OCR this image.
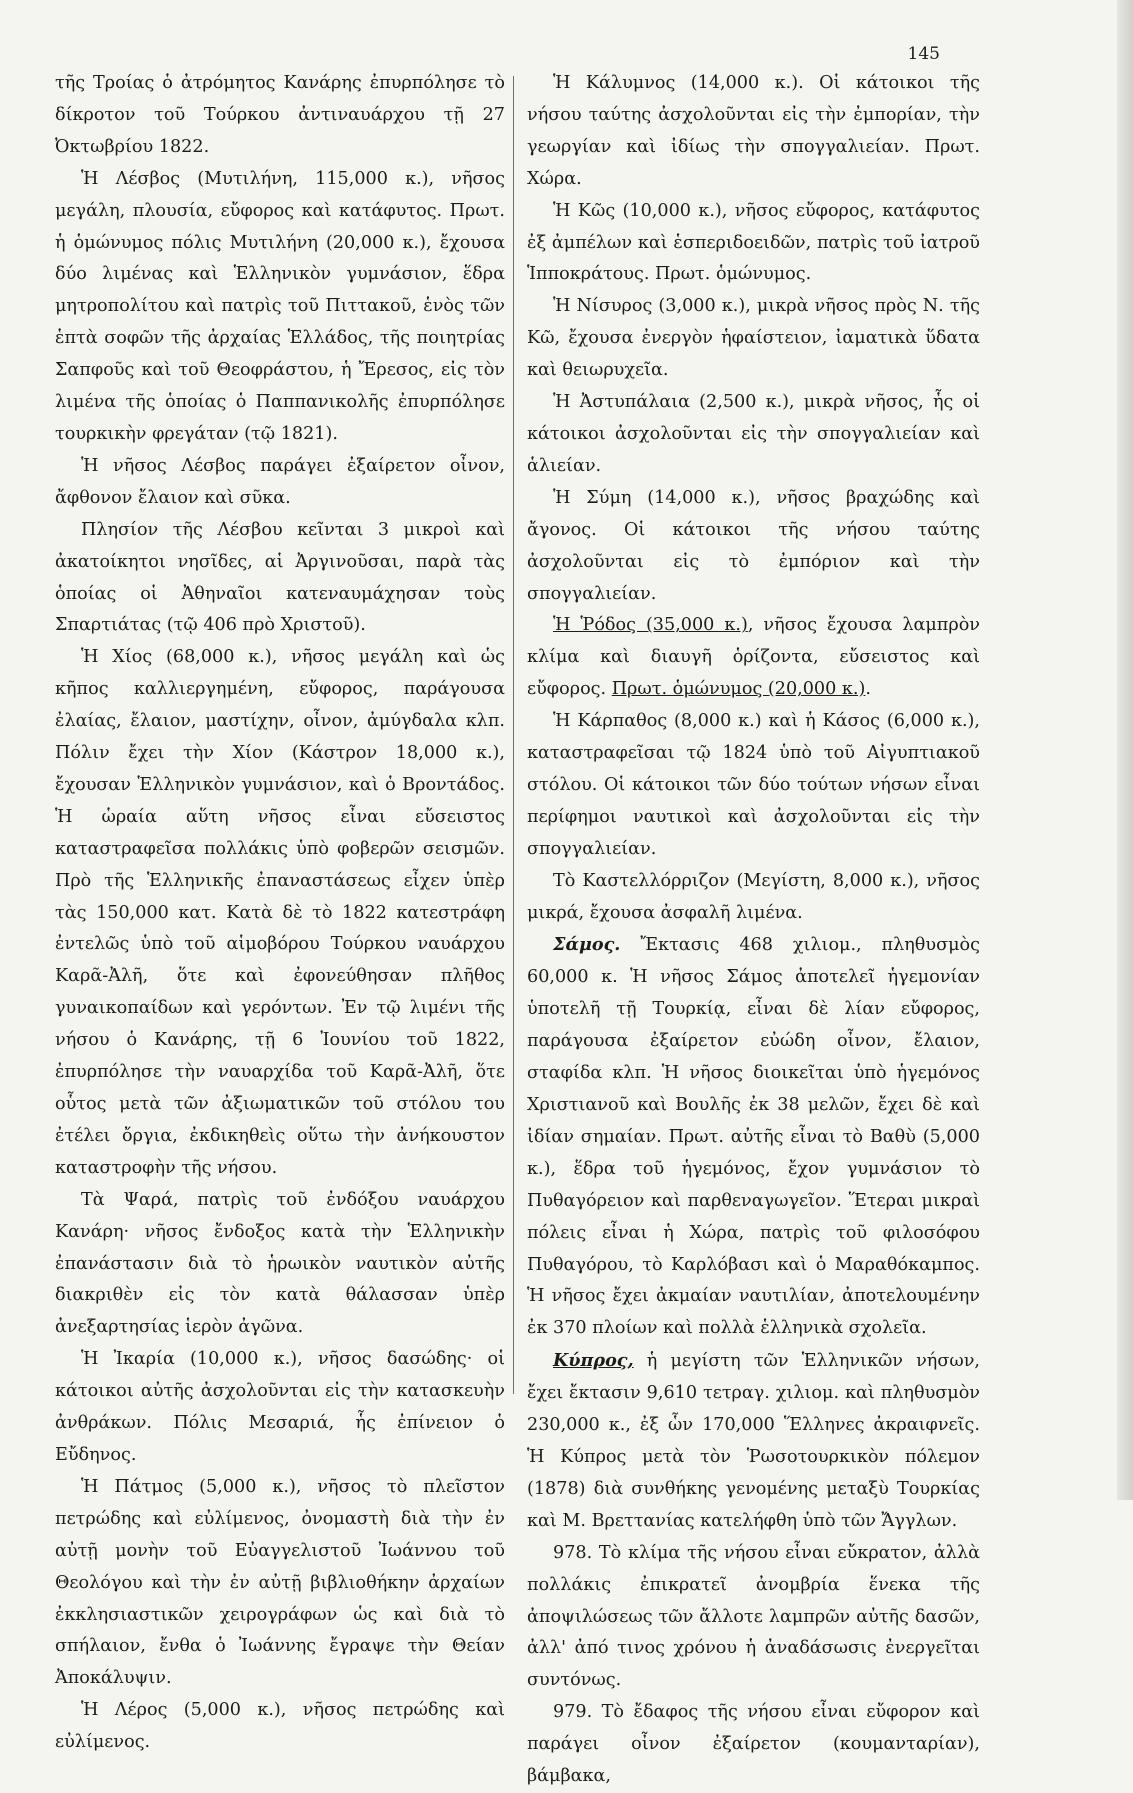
145

τῆς Τροίας ὁ ἀτρόμητος Κανάρης ἐπυρπόλησε τὸ δίκροτον τοῦ Τούρκου ἀντιναυάρχου τῇ 27 Ὀκτωβρίου 1822.

Ἡ Λέσβος (Μυτιλήνη, 115,000 κ.), νῆσος μεγάλη, πλουσία, εὔφορος καὶ κατάφυτος. Πρωτ. ἡ ὁμώνυμος πόλις Μυτιλήνη (20,000 κ.), ἔχουσα δύο λιμένας καὶ Ἑλληνικὸν γυμνάσιον, ἕδρα μητροπολίτου καὶ πατρὶς τοῦ Πιττακοῦ, ἑνὸς τῶν ἑπτὰ σοφῶν τῆς ἀρχαίας Ἑλλάδος, τῆς ποιητρίας Σαπφοῦς καὶ τοῦ Θεοφράστου, ἡ Ἔρεσος, εἰς τὸν λιμένα τῆς ὁποίας ὁ Παππανικολῆς ἐπυρπόλησε τουρκικὴν φρεγάταν (τῷ 1821).

Ἡ νῆσος Λέσβος παράγει ἐξαίρετον οἶνον, ἄφθονον ἔλαιον καὶ σῦκα.

Πλησίον τῆς Λέσβου κεῖνται 3 μικροὶ καὶ ἀκατοίκητοι νησῖδες, αἱ Ἀργινοῦσαι, παρὰ τὰς ὁποίας οἱ Ἀθηναῖοι κατεναυμάχησαν τοὺς Σπαρτιάτας (τῷ 406 πρὸ Χριστοῦ).

Ἡ Χίος (68,000 κ.), νῆσος μεγάλη καὶ ὡς κῆπος καλλιεργημένη, εὔφορος, παράγουσα ἐλαίας, ἔλαιον, μαστίχην, οἶνον, ἀμύγδαλα κλπ. Πόλιν ἔχει τὴν Χίον (Κάστρον 18,000 κ.), ἔχουσαν Ἑλληνικὸν γυμνάσιον, καὶ ὁ Βροντάδος. Ἡ ὡραία αὕτη νῆσος εἶναι εὔσειστος καταστραφεῖσα πολλάκις ὑπὸ φοβερῶν σεισμῶν. Πρὸ τῆς Ἑλληνικῆς ἐπαναστάσεως εἶχεν ὑπὲρ τὰς 150,000 κατ. Κατὰ δὲ τὸ 1822 κατεστράφη ἐντελῶς ὑπὸ τοῦ αἱμοβόρου Τούρκου ναυάρχου Καρᾶ-Ἀλῆ, ὅτε καὶ ἐφονεύθησαν πλῆθος γυναικοπαίδων καὶ γερόντων. Ἐν τῷ λιμένι τῆς νήσου ὁ Κανάρης, τῇ 6 Ἰουνίου τοῦ 1822, ἐπυρπόλησε τὴν ναυαρχίδα τοῦ Καρᾶ-Ἀλῆ, ὅτε οὗτος μετὰ τῶν ἀξιωματικῶν τοῦ στόλου του ἐτέλει ὄργια, ἐκδικηθεὶς οὕτω τὴν ἀνήκουστον καταστροφὴν τῆς νήσου.

Τὰ Ψαρά, πατρὶς τοῦ ἐνδόξου ναυάρχου Κανάρη· νῆσος ἔνδοξος κατὰ τὴν Ἑλληνικὴν ἐπανάστασιν διὰ τὸ ἡρωικὸν ναυτικὸν αὐτῆς διακριθὲν εἰς τὸν κατὰ θάλασσαν ὑπὲρ ἀνεξαρτησίας ἱερὸν ἀγῶνα.

Ἡ Ἰκαρία (10,000 κ.), νῆσος δασώδης· οἱ κάτοικοι αὐτῆς ἀσχολοῦνται εἰς τὴν κατασκευὴν ἀνθράκων. Πόλις Μεσαριά, ἧς ἐπίνειον ὁ Εὔδηνος.

Ἡ Πάτμος (5,000 κ.), νῆσος τὸ πλεῖστον πετρώδης καὶ εὐλίμενος, ὀνομαστὴ διὰ τὴν ἐν αὐτῇ μονὴν τοῦ Εὐαγγελιστοῦ Ἰωάννου τοῦ Θεολόγου καὶ τὴν ἐν αὐτῇ βιβλιοθήκην ἀρχαίων ἐκκλησιαστικῶν χειρογράφων ὡς καὶ διὰ τὸ σπήλαιον, ἔνθα ὁ Ἰωάννης ἔγραψε τὴν Θείαν Ἀποκάλυψιν.

Ἡ Λέρος (5,000 κ.), νῆσος πετρώδης καὶ εὐλίμενος.

Ἡ Κάλυμνος (14,000 κ.). Οἱ κάτοικοι τῆς νήσου ταύτης ἀσχολοῦνται εἰς τὴν ἐμπορίαν, τὴν γεωργίαν καὶ ἰδίως τὴν σπογγαλιείαν. Πρωτ. Χώρα.

Ἡ Κῶς (10,000 κ.), νῆσος εὔφορος, κατάφυτος ἐξ ἀμπέλων καὶ ἑσπεριδοειδῶν, πατρὶς τοῦ ἰατροῦ Ἱπποκράτους. Πρωτ. ὁμώνυμος.

Ἡ Νίσυρος (3,000 κ.), μικρὰ νῆσος πρὸς Ν. τῆς Κῶ, ἔχουσα ἐνεργὸν ἡφαίστειον, ἰαματικὰ ὕδατα καὶ θειωρυχεῖα.

Ἡ Ἀστυπάλαια (2,500 κ.), μικρὰ νῆσος, ἧς οἱ κάτοικοι ἀσχολοῦνται εἰς τὴν σπογγαλιείαν καὶ ἁλιείαν.

Ἡ Σύμη (14,000 κ.), νῆσος βραχώδης καὶ ἄγονος. Οἱ κάτοικοι τῆς νήσου ταύτης ἀσχολοῦνται εἰς τὸ ἐμπόριον καὶ τὴν σπογγαλιείαν.

Ἡ Ῥόδος (35,000 κ.), νῆσος ἔχουσα λαμπρὸν κλίμα καὶ διαυγῆ ὁρίζοντα, εὔσειστος καὶ εὔφορος. Πρωτ. ὁμώνυμος (20,000 κ.).

Ἡ Κάρπαθος (8,000 κ.) καὶ ἡ Κάσος (6,000 κ.), καταστραφεῖσαι τῷ 1824 ὑπὸ τοῦ Αἰγυπτιακοῦ στόλου. Οἱ κάτοικοι τῶν δύο τούτων νήσων εἶναι περίφημοι ναυτικοὶ καὶ ἀσχολοῦνται εἰς τὴν σπογγαλιείαν.

Τὸ Καστελλόρριζον (Μεγίστη, 8,000 κ.), νῆσος μικρά, ἔχουσα ἀσφαλῆ λιμένα.

Σάμος. Ἔκτασις 468 χιλιομ., πληθυσμὸς 60,000 κ. Ἡ νῆσος Σάμος ἀποτελεῖ ἡγεμονίαν ὑποτελῆ τῇ Τουρκίᾳ, εἶναι δὲ λίαν εὔφορος, παράγουσα ἐξαίρετον εὐώδη οἶνον, ἔλαιον, σταφίδα κλπ. Ἡ νῆσος διοικεῖται ὑπὸ ἡγεμόνος Χριστιανοῦ καὶ Βουλῆς ἐκ 38 μελῶν, ἔχει δὲ καὶ ἰδίαν σημαίαν. Πρωτ. αὐτῆς εἶναι τὸ Βαθὺ (5,000 κ.), ἕδρα τοῦ ἡγεμόνος, ἔχον γυμνάσιον τὸ Πυθαγόρειον καὶ παρθεναγωγεῖον. Ἕτεραι μικραὶ πόλεις εἶναι ἡ Χώρα, πατρὶς τοῦ φιλοσόφου Πυθαγόρου, τὸ Καρλόβασι καὶ ὁ Μαραθόκαμπος. Ἡ νῆσος ἔχει ἀκμαίαν ναυτιλίαν, ἀποτελουμένην ἐκ 370 πλοίων καὶ πολλὰ ἑλληνικὰ σχολεῖα.

Κύπρος, ἡ μεγίστη τῶν Ἑλληνικῶν νήσων, ἔχει ἔκτασιν 9,610 τετραγ. χιλιομ. καὶ πληθυσμὸν 230,000 κ., ἐξ ὧν 170,000 Ἕλληνες ἀκραιφνεῖς. Ἡ Κύπρος μετὰ τὸν Ῥωσοτουρκικὸν πόλεμον (1878) διὰ συνθήκης γενομένης μεταξὺ Τουρκίας καὶ Μ. Βρεττανίας κατελήφθη ὑπὸ τῶν Ἄγγλων.

978. Τὸ κλίμα τῆς νήσου εἶναι εὔκρατον, ἀλλὰ πολλάκις ἐπικρατεῖ ἀνομβρία ἕνεκα τῆς ἀποψιλώσεως τῶν ἄλλοτε λαμπρῶν αὐτῆς δασῶν, ἀλλ' ἀπό τινος χρόνου ἡ ἀναδάσωσις ἐνεργεῖται συντόνως.

979. Τὸ ἔδαφος τῆς νήσου εἶναι εὔφορον καὶ παράγει οἶνον ἐξαίρετον (κουμανταρίαν), βάμβακα,
